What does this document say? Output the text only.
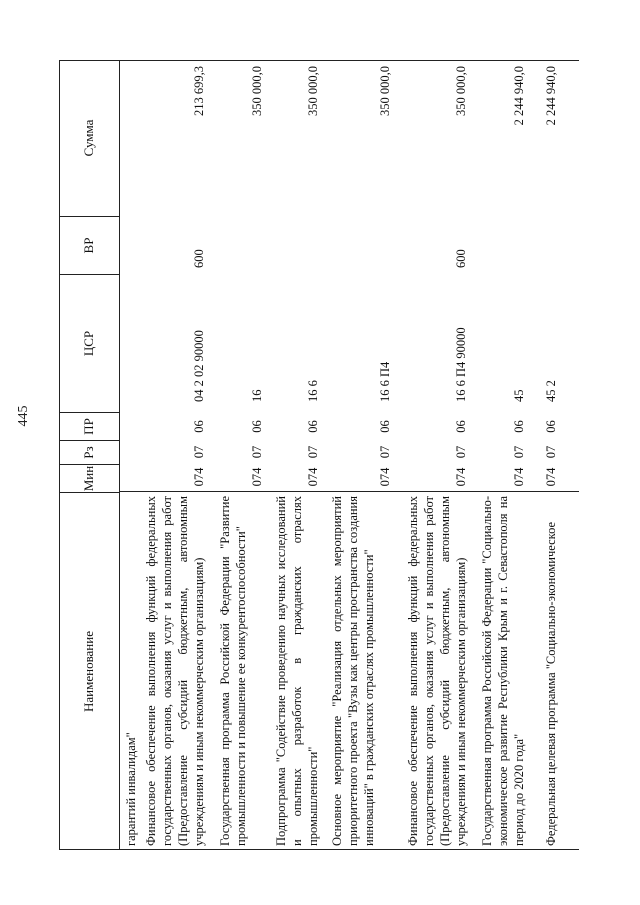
445
Наименование
Мин
Рз
ПР
ЦСР
ВР
Сумма
гарантий инвалидам" Финансовое обеспечение выполнения функций федеральных государственных органов, оказания услуг и выполнения работ (Предоставление субсидий бюджетным, автономным учреждениям и иным некоммерческим организациям)
074
07
06
04 2 02 90000
600
213 699,3
Государственная программа Российской Федерации "Развитие промышленности и повышение ее конкурентоспособности"
074
07
06
16
350 000,0
Подпрограмма "Содействие проведению научных исследований и опытных разработок в гражданских отраслях промышленности"
074
07
06
16 6
350 000,0
Основное мероприятие "Реализация отдельных мероприятий приоритетного проекта "Вузы как центры пространства создания инноваций" в гражданских отраслях промышленности"
074
07
06
16 6 П4
350 000,0
Финансовое обеспечение выполнения функций федеральных государственных органов, оказания услуг и выполнения работ (Предоставление субсидий бюджетным, автономным учреждениям и иным некоммерческим организациям)
074
07
06
16 6 П4 90000
600
350 000,0
Государственная программа Российской Федерации "Социально-экономическое развитие Республики Крым и г. Севастополя на период до 2020 года"
074
07
06
45
2 244 940,0
Федеральная целевая программа "Социально-экономическое
074
07
06
45 2
2 244 940,0
